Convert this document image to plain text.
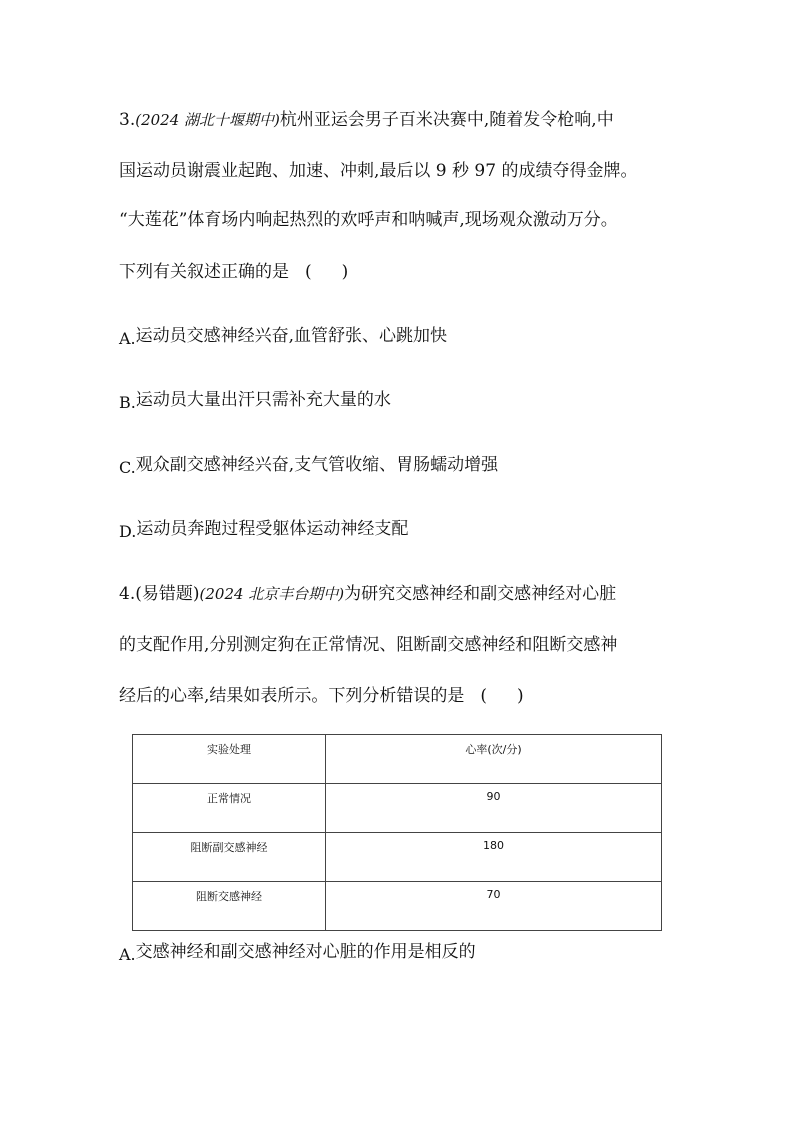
3.(2024 湖北十堰期中)杭州亚运会男子百米决赛中,随着发令枪响,中
国运动员谢震业起跑、加速、冲刺,最后以 9 秒 97 的成绩夺得金牌。
“大莲花”体育场内响起热烈的欢呼声和呐喊声,现场观众激动万分。
下列有关叙述正确的是 ( )
A.运动员交感神经兴奋,血管舒张、心跳加快
B.运动员大量出汗只需补充大量的水
C.观众副交感神经兴奋,支气管收缩、胃肠蠕动增强
D.运动员奔跑过程受躯体运动神经支配
4.(易错题)(2024 北京丰台期中)为研究交感神经和副交感神经对心脏
的支配作用,分别测定狗在正常情况、阻断副交感神经和阻断交感神
经后的心率,结果如表所示。下列分析错误的是 ( )
实验处理	心率(次/分)
正常情况	90
阻断副交感神经	180
阻断交感神经	70
A.交感神经和副交感神经对心脏的作用是相反的
